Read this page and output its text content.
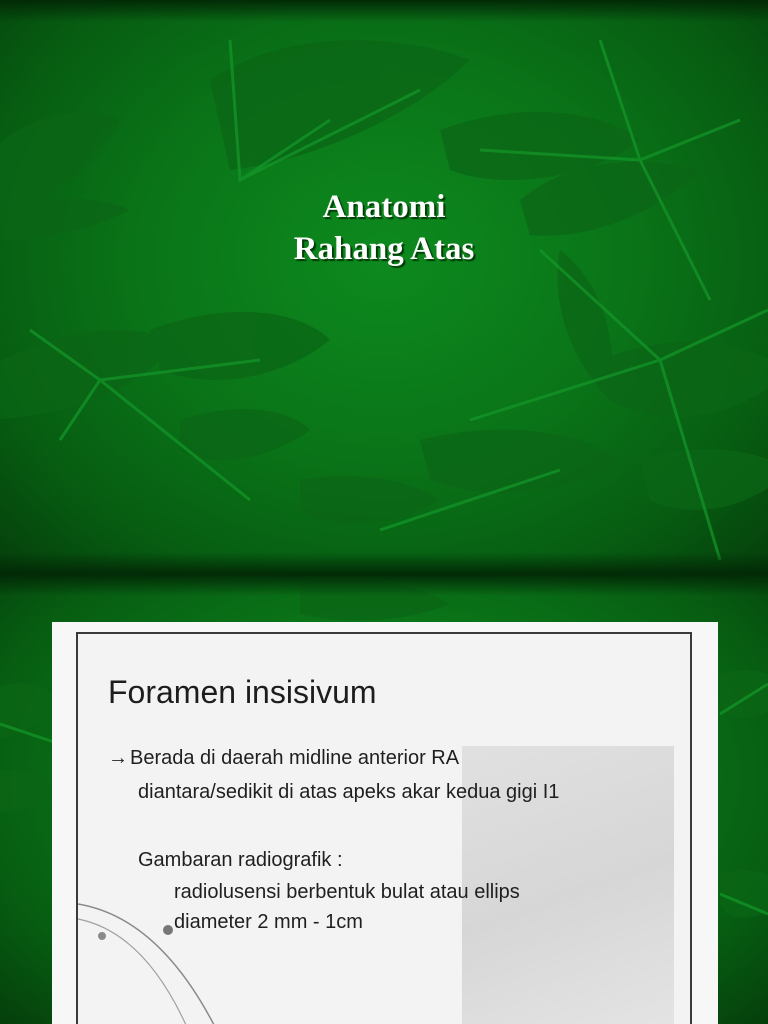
Anatomi
Rahang Atas
Foramen insisivum
→ Berada di daerah midline anterior RA
diantara/sedikit di atas apeks akar kedua gigi I1
Gambaran radiografik :
radiolusensi berbentuk bulat atau ellips
diameter 2 mm - 1cm
